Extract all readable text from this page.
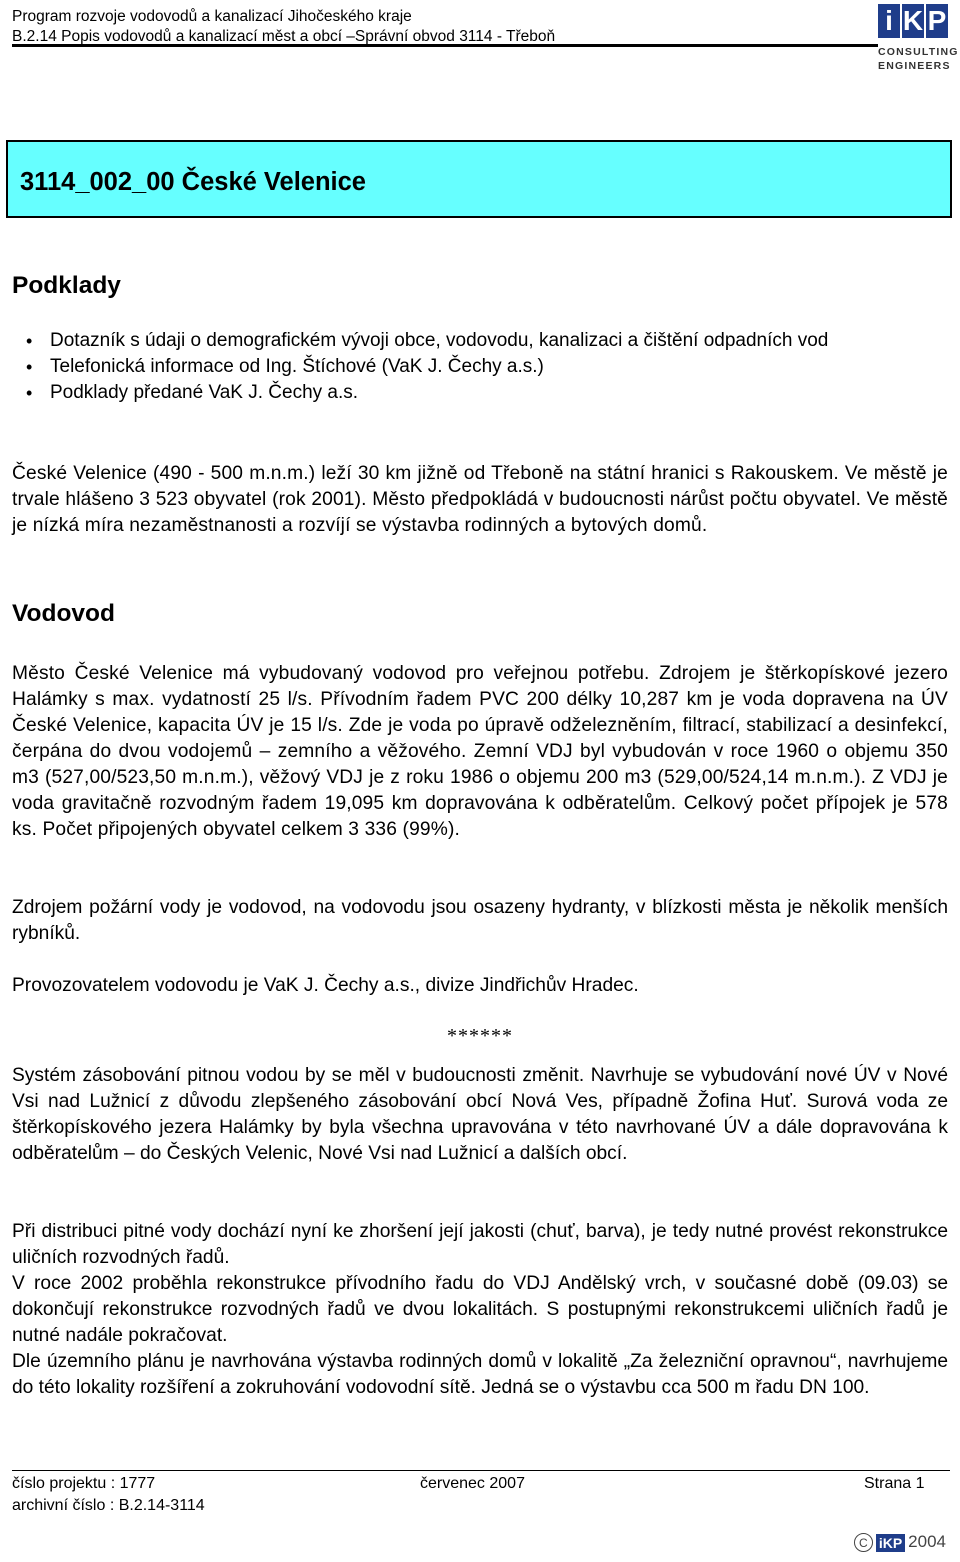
Program rozvoje vodovodů a kanalizací Jihočeského kraje
B.2.14 Popis vodovodů a kanalizací měst a obcí –Správní obvod 3114 - Třeboň
i K P
CONSULTING
ENGINEERS
3114_002_00 České Velenice
Podklady
• Dotazník s údaji o demografickém vývoji obce, vodovodu, kanalizaci a čištění odpadních vod
• Telefonická informace od Ing. Štíchové (VaK J. Čechy a.s.)
• Podklady předané VaK J. Čechy a.s.

České Velenice (490 - 500 m.n.m.) leží 30 km jižně od Třeboně na státní hranici s Rakouskem. Ve městě je trvale hlášeno 3 523 obyvatel (rok 2001). Město předpokládá v budoucnosti nárůst počtu obyvatel. Ve městě je nízká míra nezaměstnanosti a rozvíjí se výstavba rodinných a bytových domů.

Vodovod

Město České Velenice má vybudovaný vodovod pro veřejnou potřebu. Zdrojem je štěrkopískové jezero Halámky s max. vydatností 25 l/s. Přívodním řadem PVC 200 délky 10,287 km je voda dopravena na ÚV České Velenice, kapacita ÚV je 15 l/s. Zde je voda po úpravě odželezněním, filtrací, stabilizací a desinfekcí, čerpána do dvou vodojemů – zemního a věžového. Zemní VDJ byl vybudován v roce 1960 o objemu 350 m3 (527,00/523,50 m.n.m.), věžový VDJ je z roku 1986 o objemu 200 m3 (529,00/524,14 m.n.m.). Z VDJ je voda gravitačně rozvodným řadem 19,095 km dopravována k odběratelům. Celkový počet přípojek je 578 ks. Počet připojených obyvatel celkem 3 336 (99%).

Zdrojem požární vody je vodovod, na vodovodu jsou osazeny hydranty, v blízkosti města je několik menších rybníků.

Provozovatelem vodovodu je VaK J. Čechy a.s., divize Jindřichův Hradec.

******

Systém zásobování pitnou vodou by se měl v budoucnosti změnit. Navrhuje se vybudování nové ÚV v Nové Vsi nad Lužnicí z důvodu zlepšeného zásobování obcí Nová Ves, případně Žofina Huť. Surová voda ze štěrkopískového jezera Halámky by byla všechna upravována v této navrhované ÚV a dále dopravována k odběratelům – do Českých Velenic, Nové Vsi nad Lužnicí a dalších obcí.

Při distribuci pitné vody dochází nyní ke zhoršení její jakosti (chuť, barva), je tedy nutné provést rekonstrukce uličních rozvodných řadů.

V roce 2002 proběhla rekonstrukce přívodního řadu do VDJ Andělský vrch, v současné době (09.03) se dokončují rekonstrukce rozvodných řadů ve dvou lokalitách. S postupnými rekonstrukcemi uličních řadů je nutné nadále pokračovat.

Dle územního plánu je navrhována výstavba rodinných domů v lokalitě „Za železniční opravnou“, navrhujeme do této lokality rozšíření a zokruhování vodovodní sítě. Jedná se o výstavbu cca 500 m řadu DN 100.

číslo projektu : 1777
archivní číslo : B.2.14-3114
červenec 2007	Strana 1
C iKP 2004
